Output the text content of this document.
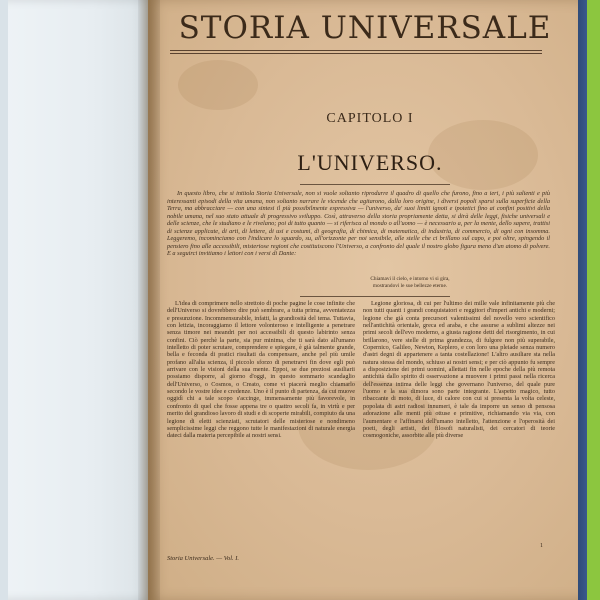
STORIA UNIVERSALE
CAPITOLO I
L'UNIVERSO.

In questo libro, che si intitola Storia Universale, non si vuole soltanto riprodurre il quadro di quello che furono, fino a ieri, i più salienti e più interessanti episodi della vita umana, non soltanto narrare le vicende che agitarono, dalla loro origine, i diversi popoli sparsi sulla superficie della Terra, ma abbracciare — con una sintesi il più possibilmente espressiva — l'universo, da' suoi limiti ignoti e ipotetici fino ai confini positivi della nobile umana, nel suo stato attuale di progressivo sviluppo. Così, attraverso della storia propriamente detta, si dirà delle leggi, fisiche universali e delle scienze, che le studiano e le rivelano; poi di tutto quanto — si riferisca al mondo o all'uomo — è necessario a, per la mente, dello sapere, trattisi di scienze applicate, di arti, di lettere, di usi e costumi, di geografia, di chimica, di matematica, di industria, di commercio, di ogni con insomma. Leggeremo, incominciamo con l'indicare lo sguardo, su, all'orizzonte per noi sensibile, alle stelle che ci brillano sul capo, e poi oltre, spingendo il pensiero fino alle accessibili, misteriose regioni che costituiscono l'Universo, a confronto del quale il nostro globo figura meno d'un atomo di polvere. E a seguirci invitiamo i lettori con i versi di Dante:

Chiamavi il cielo, e intorno vi si gira,
mostrandovi le sue bellezze eterne.

L'idea di comprimere nello strettoio di poche pagine le cose infinite che dell'Universo si dovrebbero dire può sembrare, a tutta prima, avventatezza e presunzione. Incommensurabile, infatti, la grandiosità del tema. Tuttavia, con letizia, incoraggiamo il lettore volonteroso e intelligente a penetrare senza timore nei meandri per noi accessibili di questo labirinto senza confini. Ciò perchè la parte, sia pur minima, che ti sarà dato all'umano intelletto di poter scrutare, comprendere e spiegare, è già talmente grande, bella e feconda di pratici risultati da compensare, anche pel più umile profano all'alta scienza, il piccolo sforzo di penetrarvi fin dove egli può arrivare con le visioni della sua mente. Eppoi, se due preziosi ausiliarii possiamo disporre, al giorno d'oggi, in questo sommario scandaglio dell'Universo, o Cosmos, o Creato, come vi piacerà meglio chiamarlo secondo le vostre idee e credenze. Uno è il punto di partenza, da cui muove oggidì chi a tale scopo s'accinge, immensamente più favorevole, in confronto di quel che fosse appena tre o quattro secoli fa, in virtù e per merito del grandioso lavoro di studi e di scoperte mirabili, compiuto da una legione di eletti scienziati, scrutatori delle misteriose e nondimeno semplicissime leggi che reggono tutte le manifestazioni di naturale energia dateci dalla materia percepibile ai nostri sensi.

Legione gloriosa, di cui per l'ultimo dei mille vale infinitamente più che non tutti quanti i grandi conquistatori e reggitori d'imperi antichi e moderni; legione che già conta precursori valentissimi del novello vero scientifico nell'antichità orientale, greca ed araba, e che assurse a sublimi altezze nei primi secoli dell'evo moderno, a giusta ragione detti del risorgimento, in cui brillarono, vere stelle di prima grandezza, di fulgore non più superabile, Copernico, Galileo, Newton, Keplero, e con loro una pleiade senza numero d'astri degni di appartenere a tanta costellazione! L'altro ausiliare sta nella natura stessa del mondo, schiuso ai nostri sensi; e per ciò appunto fu sempre a disposizione dei primi uomini, allettati fin nelle epoche della più remota antichità dallo spirito di osservazione a muovere i primi passi nella ricerca dell'essenza intima delle leggi che governano l'universo, del quale pure l'uomo e la sua dimora sono parte integrante. L'aspetto magico, tutto ribaccante di moto, di luce, di calore con cui si presenta la volta celeste, popolata di astri radiosi innumeri, è tale da imporre un senso di pensosa adorazione alle menti più ottuse e primitive, richiamando via via, con l'aumentare e l'affinarsi dell'umano intelletto, l'attenzione e l'operosità dei poeti, degli artisti, dei filosofi naturalisti, dei cercatori di teorie cosmogoniche, assorbite alle più diverse

Storia Universale. — Vol. I.
1
